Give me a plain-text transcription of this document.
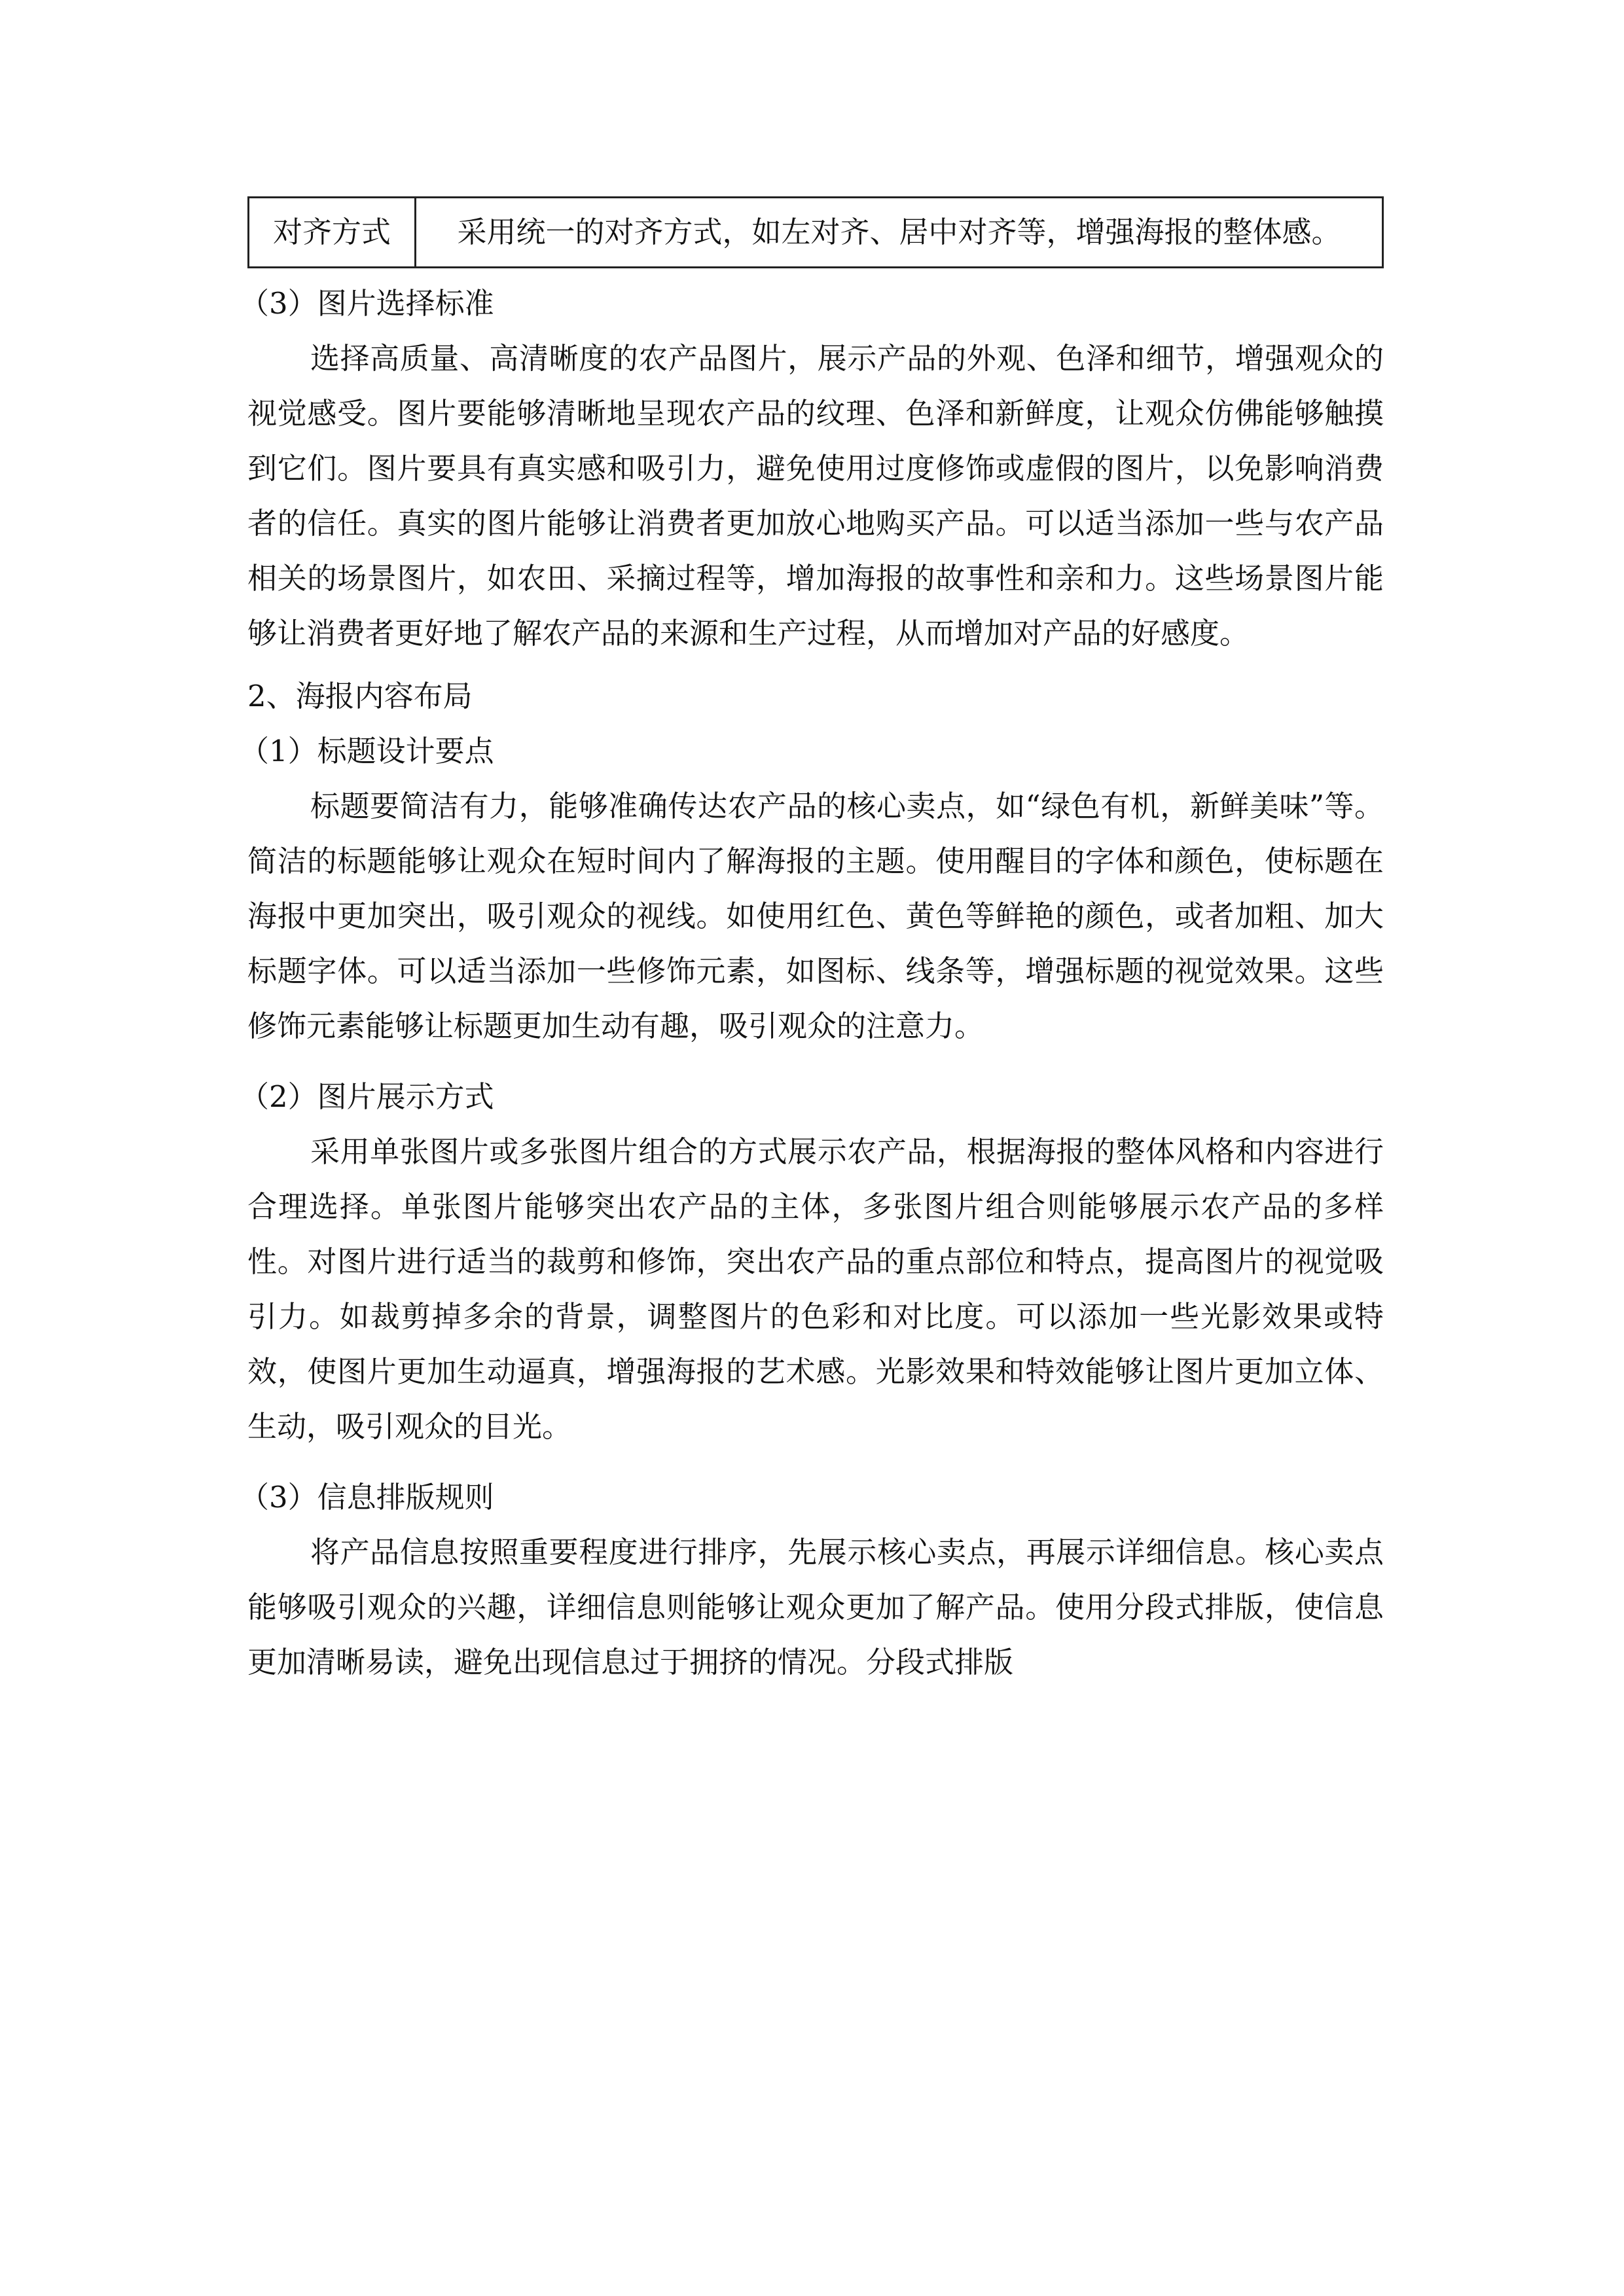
对齐方式	采用统一的对齐方式，如左对齐、居中对齐等，增强海报的整体感。

（3）图片选择标准

选择高质量、高清晰度的农产品图片，展示产品的外观、色泽和细节，增强观众的视觉感受。图片要能够清晰地呈现农产品的纹理、色泽和新鲜度，让观众仿佛能够触摸到它们。图片要具有真实感和吸引力，避免使用过度修饰或虚假的图片，以免影响消费者的信任。真实的图片能够让消费者更加放心地购买产品。可以适当添加一些与农产品相关的场景图片，如农田、采摘过程等，增加海报的故事性和亲和力。这些场景图片能够让消费者更好地了解农产品的来源和生产过程，从而增加对产品的好感度。

2、海报内容布局

（1）标题设计要点

标题要简洁有力，能够准确传达农产品的核心卖点，如“绿色有机，新鲜美味”等。简洁的标题能够让观众在短时间内了解海报的主题。使用醒目的字体和颜色，使标题在海报中更加突出，吸引观众的视线。如使用红色、黄色等鲜艳的颜色，或者加粗、加大标题字体。可以适当添加一些修饰元素，如图标、线条等，增强标题的视觉效果。这些修饰元素能够让标题更加生动有趣，吸引观众的注意力。

（2）图片展示方式

采用单张图片或多张图片组合的方式展示农产品，根据海报的整体风格和内容进行合理选择。单张图片能够突出农产品的主体，多张图片组合则能够展示农产品的多样性。对图片进行适当的裁剪和修饰，突出农产品的重点部位和特点，提高图片的视觉吸引力。如裁剪掉多余的背景，调整图片的色彩和对比度。可以添加一些光影效果或特效，使图片更加生动逼真，增强海报的艺术感。光影效果和特效能够让图片更加立体、生动，吸引观众的目光。

（3）信息排版规则

将产品信息按照重要程度进行排序，先展示核心卖点，再展示详细信息。核心卖点能够吸引观众的兴趣，详细信息则能够让观众更加了解产品。使用分段式排版，使信息更加清晰易读，避免出现信息过于拥挤的情况。分段式排版
